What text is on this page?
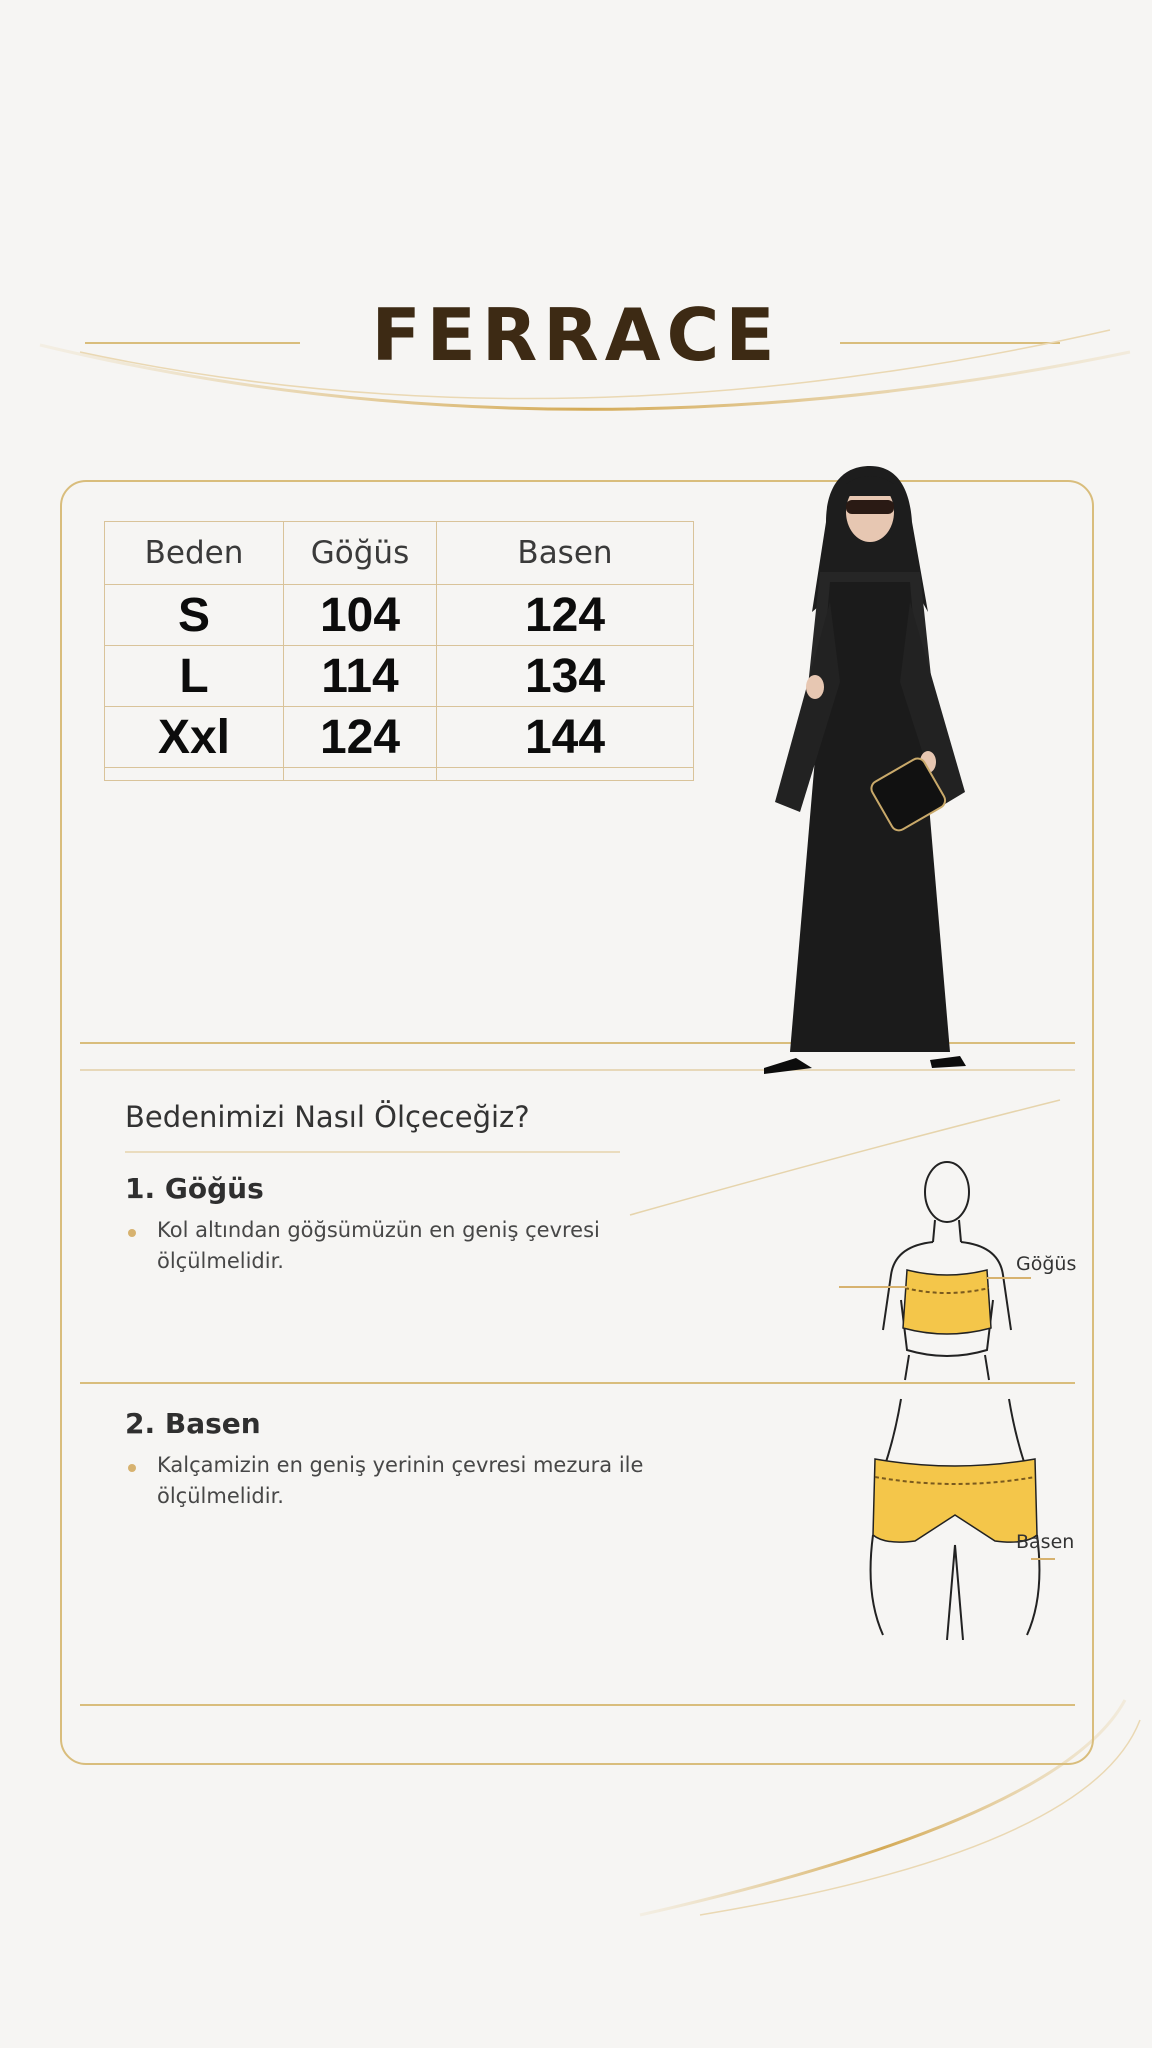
FERRACE
Beden	Göğüs	Basen
S	104	124
L	114	134
Xxl	124	144

Bedenimizi Nasıl Ölçeceğiz?
1. Göğüs
Kol altından göğsümüzün en geniş çevresi ölçülmelidir.
2. Basen
Kalçamizin en geniş yerinin çevresi mezura ile ölçülmelidir.
Göğüs
Basen
